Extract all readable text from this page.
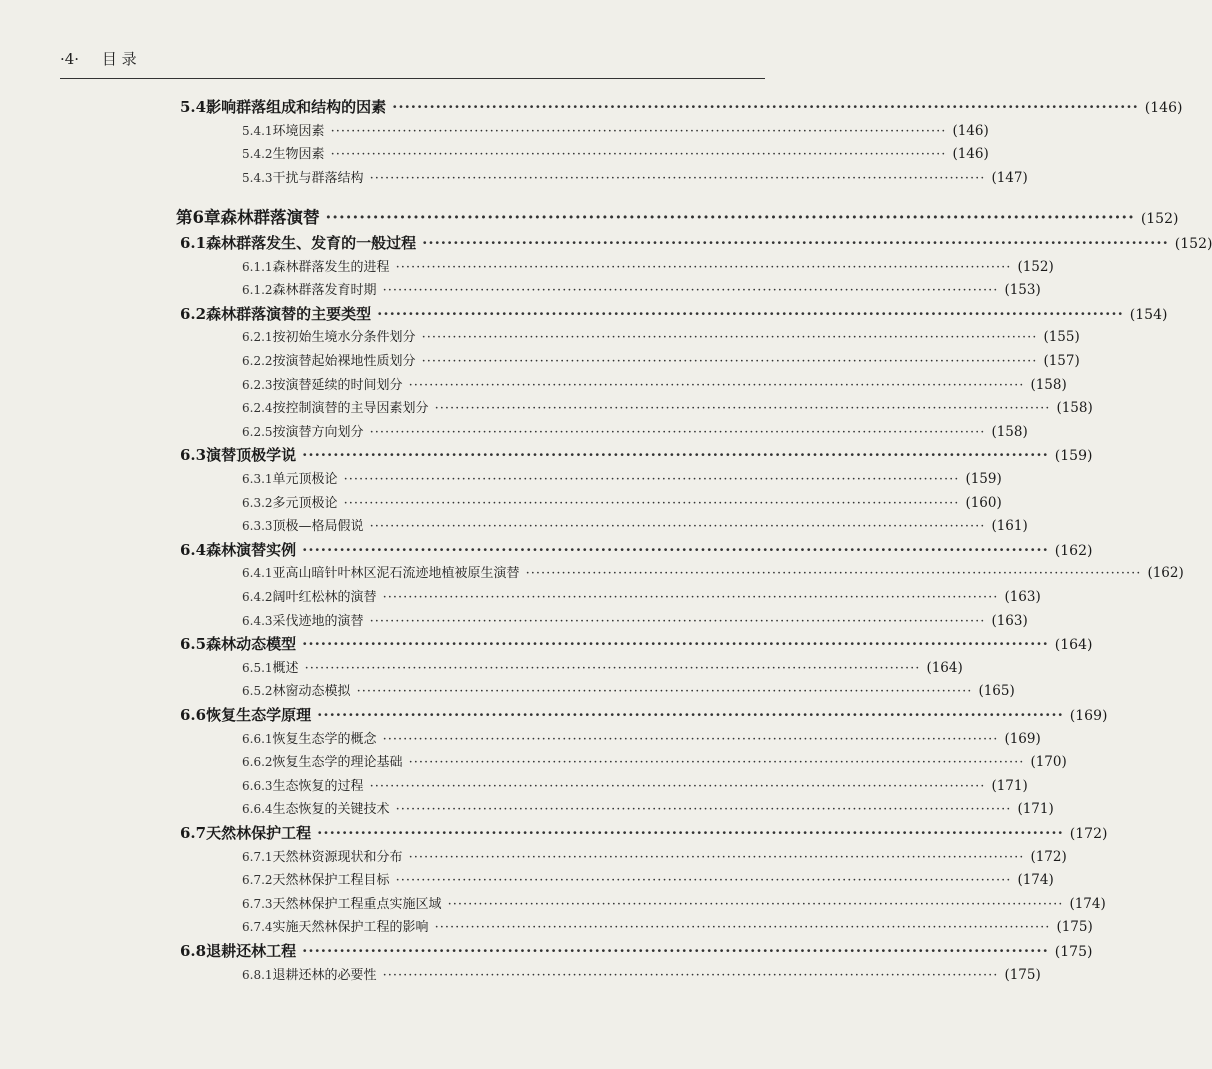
·4· 目 录
5.4 影响群落组成和结构的因素 ························································································································ (146)
5.4.1 环境因素 ························································································································ (146)
5.4.2 生物因素 ························································································································ (146)
5.4.3 干扰与群落结构 ························································································································ (147)
第6章 森林群落演替 ························································································································ (152)
6.1 森林群落发生、发育的一般过程 ························································································································ (152)
6.1.1 森林群落发生的进程 ························································································································ (152)
6.1.2 森林群落发育时期 ························································································································ (153)
6.2 森林群落演替的主要类型 ························································································································ (154)
6.2.1 按初始生境水分条件划分 ························································································································ (155)
6.2.2 按演替起始裸地性质划分 ························································································································ (157)
6.2.3 按演替延续的时间划分 ························································································································ (158)
6.2.4 按控制演替的主导因素划分 ························································································································ (158)
6.2.5 按演替方向划分 ························································································································ (158)
6.3 演替顶极学说 ························································································································ (159)
6.3.1 单元顶极论 ························································································································ (159)
6.3.2 多元顶极论 ························································································································ (160)
6.3.3 顶极—格局假说 ························································································································ (161)
6.4 森林演替实例 ························································································································ (162)
6.4.1 亚高山暗针叶林区泥石流迹地植被原生演替 ························································································································ (162)
6.4.2 阔叶红松林的演替 ························································································································ (163)
6.4.3 采伐迹地的演替 ························································································································ (163)
6.5 森林动态模型 ························································································································ (164)
6.5.1 概述 ························································································································ (164)
6.5.2 林窗动态模拟 ························································································································ (165)
6.6 恢复生态学原理 ························································································································ (169)
6.6.1 恢复生态学的概念 ························································································································ (169)
6.6.2 恢复生态学的理论基础 ························································································································ (170)
6.6.3 生态恢复的过程 ························································································································ (171)
6.6.4 生态恢复的关键技术 ························································································································ (171)
6.7 天然林保护工程 ························································································································ (172)
6.7.1 天然林资源现状和分布 ························································································································ (172)
6.7.2 天然林保护工程目标 ························································································································ (174)
6.7.3 天然林保护工程重点实施区域 ························································································································ (174)
6.7.4 实施天然林保护工程的影响 ························································································································ (175)
6.8 退耕还林工程 ························································································································ (175)
6.8.1 退耕还林的必要性 ························································································································ (175)
